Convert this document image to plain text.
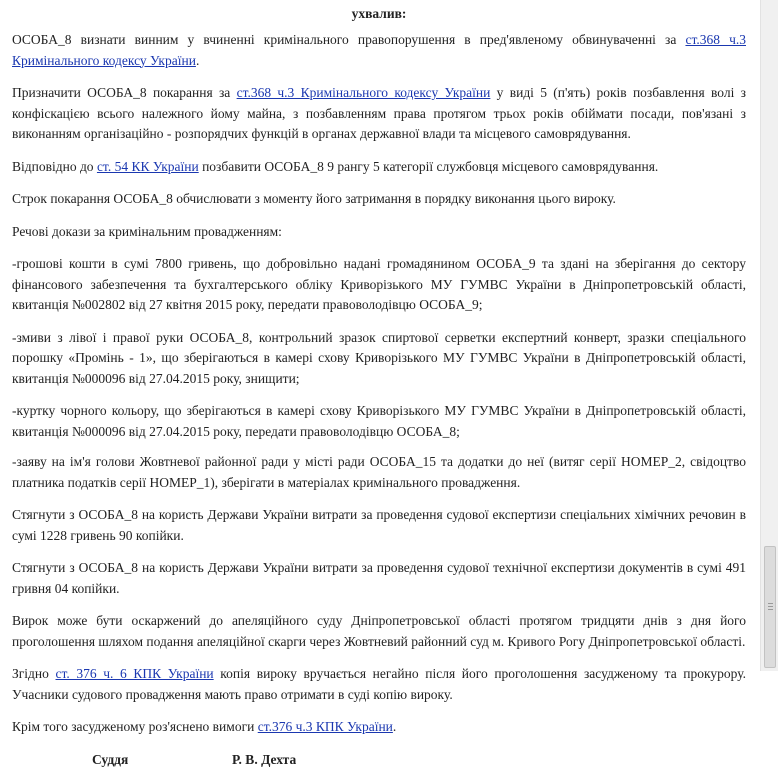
ухвалив:

ОСОБА_8 визнати винним у вчиненні кримінального правопорушення в пред'явленому обвинуваченні за ст.368 ч.3 Кримінального кодексу України.

Призначити ОСОБА_8 покарання за ст.368 ч.3 Кримінального кодексу України у виді 5 (п'ять) років позбавлення волі з конфіскацією всього належного йому майна, з позбавленням права протягом трьох років обіймати посади, пов'язані з виконанням організаційно - розпорядчих функцій в органах державної влади та місцевого самоврядування.

Відповідно до ст. 54 КК України позбавити ОСОБА_8 9 рангу 5 категорії службовця місцевого самоврядування.

Строк покарання ОСОБА_8 обчислювати з моменту його затримання в порядку виконання цього вироку.

Речові докази за кримінальним провадженням:

-грошові кошти в сумі 7800 гривень, що добровільно надані громадянином ОСОБА_9 та здані на зберігання до сектору фінансового забезпечення та бухгалтерського обліку Криворізького МУ ГУМВС України в Дніпропетровській області, квитанція №002802 від 27 квітня 2015 року, передати правоволодівцю ОСОБА_9;

-змиви з лівої і правої руки ОСОБА_8, контрольний зразок спиртової серветки експертний конверт, зразки спеціального порошку «Промінь - 1», що зберігаються в камері схову Криворізького МУ ГУМВС України в Дніпропетровській області, квитанція №000096 від 27.04.2015 року, знищити;

-куртку чорного кольору, що зберігаються в камері схову Криворізького МУ ГУМВС України в Дніпропетровській області, квитанція №000096 від 27.04.2015 року, передати правоволодівцю ОСОБА_8;

-заяву на ім'я голови Жовтневої районної ради у місті ради ОСОБА_15 та додатки до неї (витяг серії НОМЕР_2, свідоцтво платника податків серії НОМЕР_1), зберігати в матеріалах кримінального провадження.

Стягнути з ОСОБА_8 на користь Держави України витрати за проведення судової експертизи спеціальних хімічних речовин в сумі 1228 гривень 90 копійки.

Стягнути з ОСОБА_8 на користь Держави України витрати за проведення судової технічної експертизи документів в сумі 491 гривня 04 копійки.

Вирок може бути оскаржений до апеляційного суду Дніпропетровської області протягом тридцяти днів з дня його проголошення шляхом подання апеляційної скарги через Жовтневий районний суд м. Кривого Рогу Дніпропетровської області.

Згідно ст. 376 ч. 6 КПК України копія вироку вручається негайно після його проголошення засудженому та прокурору. Учасники судового провадження мають право отримати в суді копію вироку.

Крім того засудженому роз'яснено вимоги ст.376 ч.3 КПК України.

Суддя	Р. В. Дехта
